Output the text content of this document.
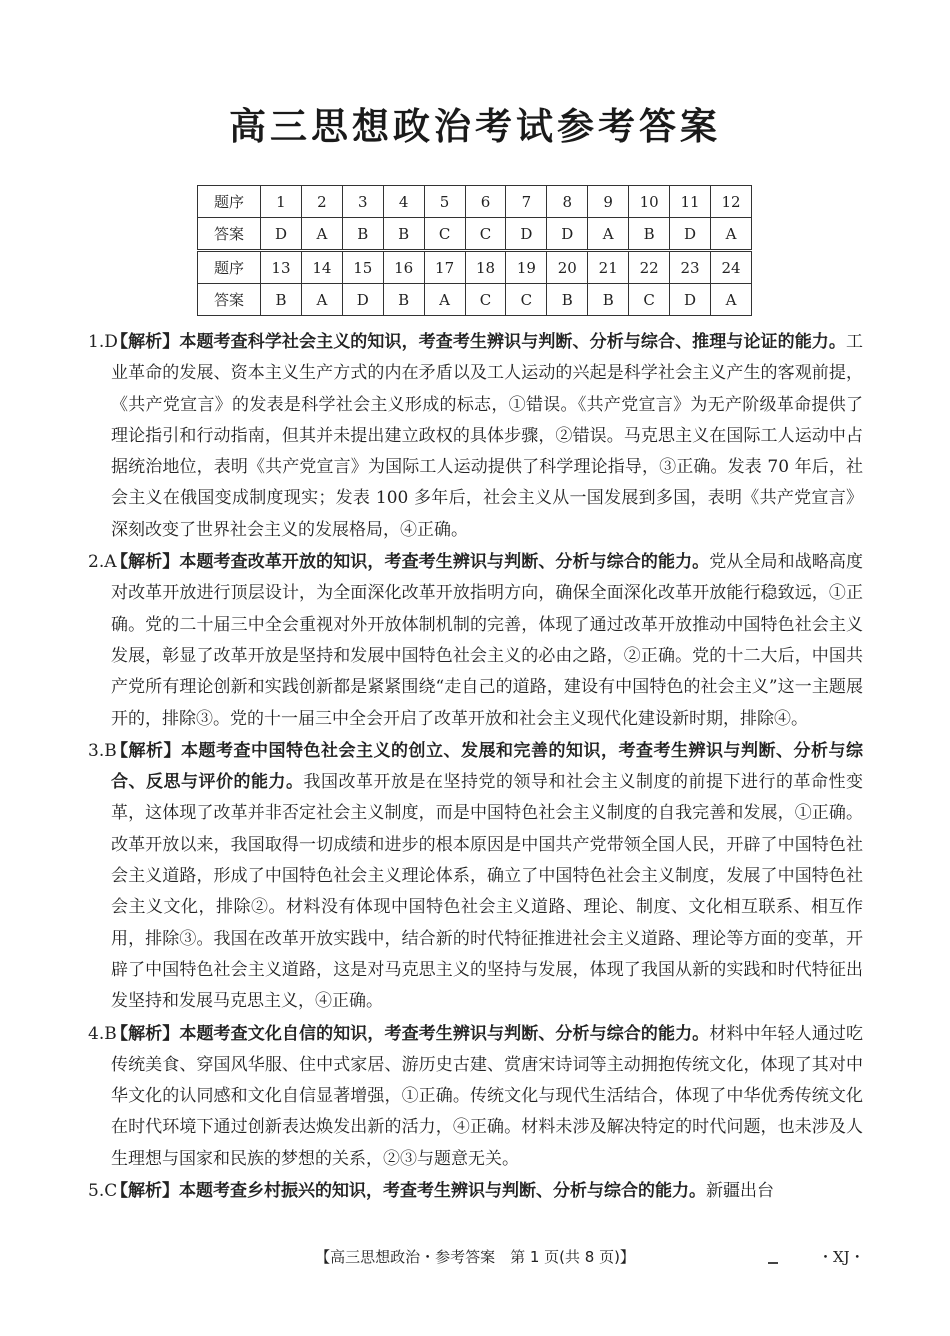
高三思想政治考试参考答案
题序	1	2	3	4	5	6	7	8	9	10	11	12
答案	D	A	B	B	C	C	D	D	A	B	D	A
题序	13	14	15	16	17	18	19	20	21	22	23	24
答案	B	A	D	B	A	C	C	B	B	C	D	A
1.D
【解析】本题考查科学社会主义的知识，考查考生辨识与判断、分析与综合、推理与论证的能力。工业革命的发展、资本主义生产方式的内在矛盾以及工人运动的兴起是科学社会主义产生的客观前提，《共产党宣言》的发表是科学社会主义形成的标志，①错误。《共产党宣言》为无产阶级革命提供了理论指引和行动指南，但其并未提出建立政权的具体步骤，②错误。马克思主义在国际工人运动中占据统治地位，表明《共产党宣言》为国际工人运动提供了科学理论指导，③正确。发表 70 年后，社会主义在俄国变成制度现实；发表 100 多年后，社会主义从一国发展到多国，表明《共产党宣言》深刻改变了世界社会主义的发展格局，④正确。
2.A
【解析】本题考查改革开放的知识，考查考生辨识与判断、分析与综合的能力。党从全局和战略高度对改革开放进行顶层设计，为全面深化改革开放指明方向，确保全面深化改革开放能行稳致远，①正确。党的二十届三中全会重视对外开放体制机制的完善，体现了通过改革开放推动中国特色社会主义发展，彰显了改革开放是坚持和发展中国特色社会主义的必由之路，②正确。党的十二大后，中国共产党所有理论创新和实践创新都是紧紧围绕“走自己的道路，建设有中国特色的社会主义”这一主题展开的，排除③。党的十一届三中全会开启了改革开放和社会主义现代化建设新时期，排除④。
3.B
【解析】本题考查中国特色社会主义的创立、发展和完善的知识，考查考生辨识与判断、分析与综合、反思与评价的能力。我国改革开放是在坚持党的领导和社会主义制度的前提下进行的革命性变革，这体现了改革并非否定社会主义制度，而是中国特色社会主义制度的自我完善和发展，①正确。改革开放以来，我国取得一切成绩和进步的根本原因是中国共产党带领全国人民，开辟了中国特色社会主义道路，形成了中国特色社会主义理论体系，确立了中国特色社会主义制度，发展了中国特色社会主义文化，排除②。材料没有体现中国特色社会主义道路、理论、制度、文化相互联系、相互作用，排除③。我国在改革开放实践中，结合新的时代特征推进社会主义道路、理论等方面的变革，开辟了中国特色社会主义道路，这是对马克思主义的坚持与发展，体现了我国从新的实践和时代特征出发坚持和发展马克思主义，④正确。
4.B
【解析】本题考查文化自信的知识，考查考生辨识与判断、分析与综合的能力。材料中年轻人通过吃传统美食、穿国风华服、住中式家居、游历史古建、赏唐宋诗词等主动拥抱传统文化，体现了其对中华文化的认同感和文化自信显著增强，①正确。传统文化与现代生活结合，体现了中华优秀传统文化在时代环境下通过创新表达焕发出新的活力，④正确。材料未涉及解决特定的时代问题，也未涉及人生理想与国家和民族的梦想的关系，②③与题意无关。
5.C
【解析】本题考查乡村振兴的知识，考查考生辨识与判断、分析与综合的能力。新疆出台
【高三思想政治・参考答案　第 1 页(共 8 页)】	・XJ・
